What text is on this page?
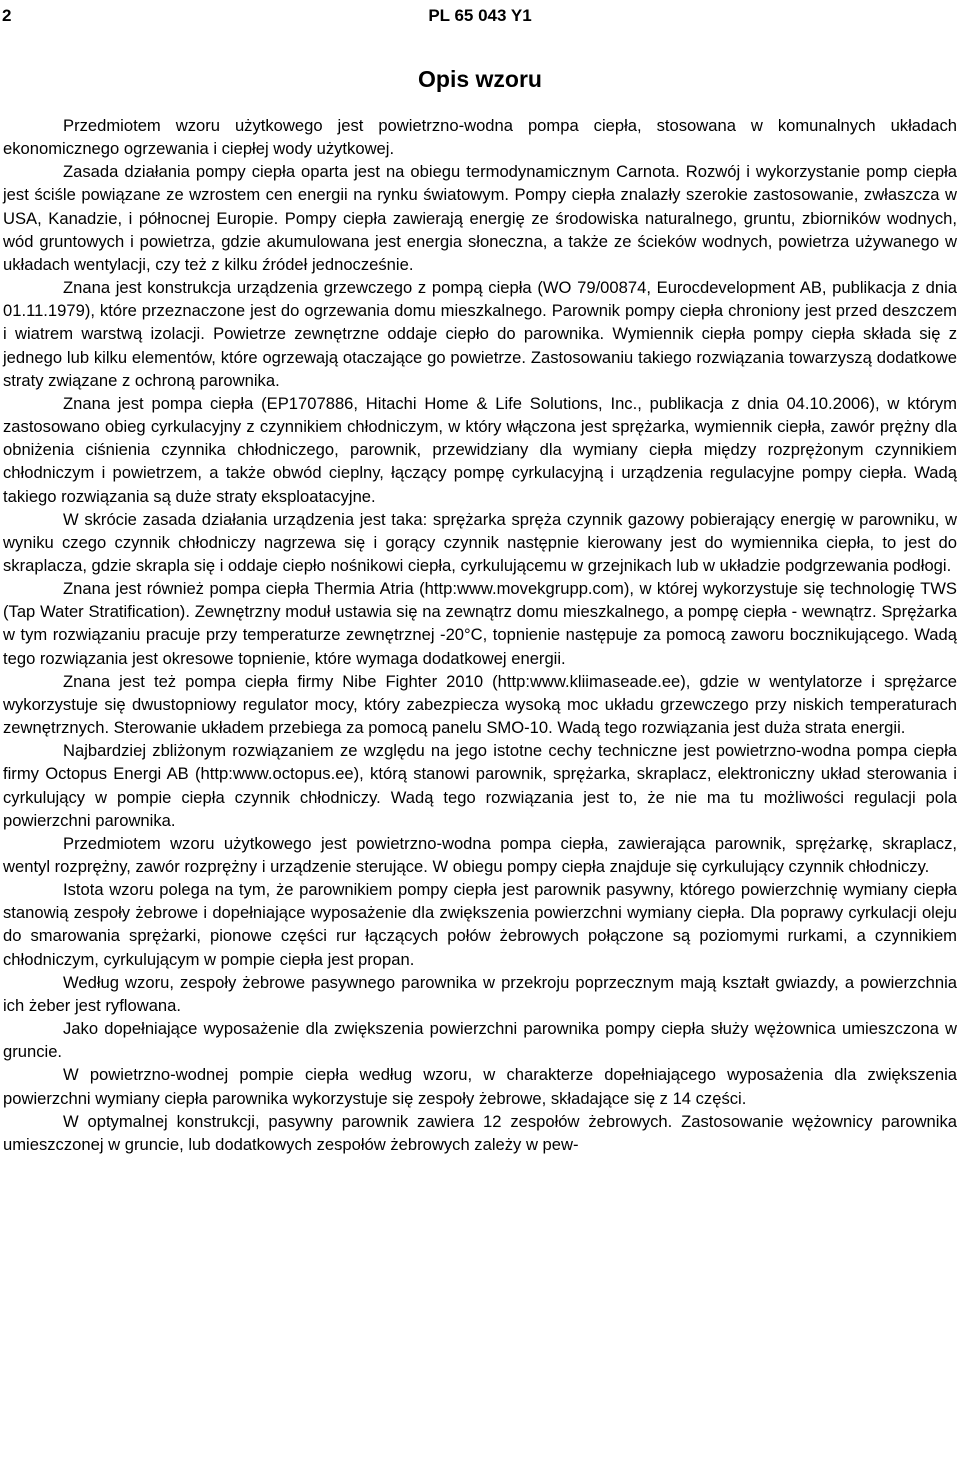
2	PL 65 043 Y1
Opis wzoru

Przedmiotem wzoru użytkowego jest powietrzno-wodna pompa ciepła, stosowana w komunalnych układach ekonomicznego ogrzewania i ciepłej wody użytkowej.

Zasada działania pompy ciepła oparta jest na obiegu termodynamicznym Carnota. Rozwój i wykorzystanie pomp ciepła jest ściśle powiązane ze wzrostem cen energii na rynku światowym. Pompy ciepła znalazły szerokie zastosowanie, zwłaszcza w USA, Kanadzie, i północnej Europie. Pompy ciepła zawierają energię ze środowiska naturalnego, gruntu, zbiorników wodnych, wód gruntowych i powietrza, gdzie akumulowana jest energia słoneczna, a także ze ścieków wodnych, powietrza używanego w układach wentylacji, czy też z kilku źródeł jednocześnie.

Znana jest konstrukcja urządzenia grzewczego z pompą ciepła (WO 79/00874, Eurocdevelopment AB, publikacja z dnia 01.11.1979), które przeznaczone jest do ogrzewania domu mieszkalnego. Parownik pompy ciepła chroniony jest przed deszczem i wiatrem warstwą izolacji. Powietrze zewnętrzne oddaje ciepło do parownika. Wymiennik ciepła pompy ciepła składa się z jednego lub kilku elementów, które ogrzewają otaczające go powietrze. Zastosowaniu takiego rozwiązania towarzyszą dodatkowe straty związane z ochroną parownika.

Znana jest pompa ciepła (EP1707886, Hitachi Home & Life Solutions, Inc., publikacja z dnia 04.10.2006), w którym zastosowano obieg cyrkulacyjny z czynnikiem chłodniczym, w który włączona jest sprężarka, wymiennik ciepła, zawór prężny dla obniżenia ciśnienia czynnika chłodniczego, parownik, przewidziany dla wymiany ciepła między rozprężonym czynnikiem chłodniczym i powietrzem, a także obwód cieplny, łączący pompę cyrkulacyjną i urządzenia regulacyjne pompy ciepła. Wadą takiego rozwiązania są duże straty eksploatacyjne.

W skrócie zasada działania urządzenia jest taka: sprężarka spręża czynnik gazowy pobierający energię w parowniku, w wyniku czego czynnik chłodniczy nagrzewa się i gorący czynnik następnie kierowany jest do wymiennika ciepła, to jest do skraplacza, gdzie skrapla się i oddaje ciepło nośnikowi ciepła, cyrkulującemu w grzejnikach lub w układzie podgrzewania podłogi.

Znana jest również pompa ciepła Thermia Atria (http:www.movekgrupp.com), w której wykorzystuje się technologię TWS (Tap Water Stratification). Zewnętrzny moduł ustawia się na zewnątrz domu mieszkalnego, a pompę ciepła - wewnątrz. Sprężarka w tym rozwiązaniu pracuje przy temperaturze zewnętrznej -20°C, topnienie następuje za pomocą zaworu bocznikującego. Wadą tego rozwiązania jest okresowe topnienie, które wymaga dodatkowej energii.

Znana jest też pompa ciepła firmy Nibe Fighter 2010 (http:www.kliimaseade.ee), gdzie w wentylatorze i sprężarce wykorzystuje się dwustopniowy regulator mocy, który zabezpiecza wysoką moc układu grzewczego przy niskich temperaturach zewnętrznych. Sterowanie układem przebiega za pomocą panelu SMO-10. Wadą tego rozwiązania jest duża strata energii.

Najbardziej zbliżonym rozwiązaniem ze względu na jego istotne cechy techniczne jest powietrzno-wodna pompa ciepła firmy Octopus Energi AB (http:www.octopus.ee), którą stanowi parownik, sprężarka, skraplacz, elektroniczny układ sterowania i cyrkulujący w pompie ciepła czynnik chłodniczy. Wadą tego rozwiązania jest to, że nie ma tu możliwości regulacji pola powierzchni parownika.

Przedmiotem wzoru użytkowego jest powietrzno-wodna pompa ciepła, zawierająca parownik, sprężarkę, skraplacz, wentyl rozprężny, zawór rozprężny i urządzenie sterujące. W obiegu pompy ciepła znajduje się cyrkulujący czynnik chłodniczy.

Istota wzoru polega na tym, że parownikiem pompy ciepła jest parownik pasywny, którego powierzchnię wymiany ciepła stanowią zespoły żebrowe i dopełniające wyposażenie dla zwiększenia powierzchni wymiany ciepła. Dla poprawy cyrkulacji oleju do smarowania sprężarki, pionowe części rur łączących połów żebrowych połączone są poziomymi rurkami, a czynnikiem chłodniczym, cyrkulującym w pompie ciepła jest propan.

Według wzoru, zespoły żebrowe pasywnego parownika w przekroju poprzecznym mają kształt gwiazdy, a powierzchnia ich żeber jest ryflowana.

Jako dopełniające wyposażenie dla zwiększenia powierzchni parownika pompy ciepła służy wężownica umieszczona w gruncie.

W powietrzno-wodnej pompie ciepła według wzoru, w charakterze dopełniającego wyposażenia dla zwiększenia powierzchni wymiany ciepła parownika wykorzystuje się zespoły żebrowe, składające się z 14 części.

W optymalnej konstrukcji, pasywny parownik zawiera 12 zespołów żebrowych. Zastosowanie wężownicy parownika umieszczonej w gruncie, lub dodatkowych zespołów żebrowych zależy w pew-
